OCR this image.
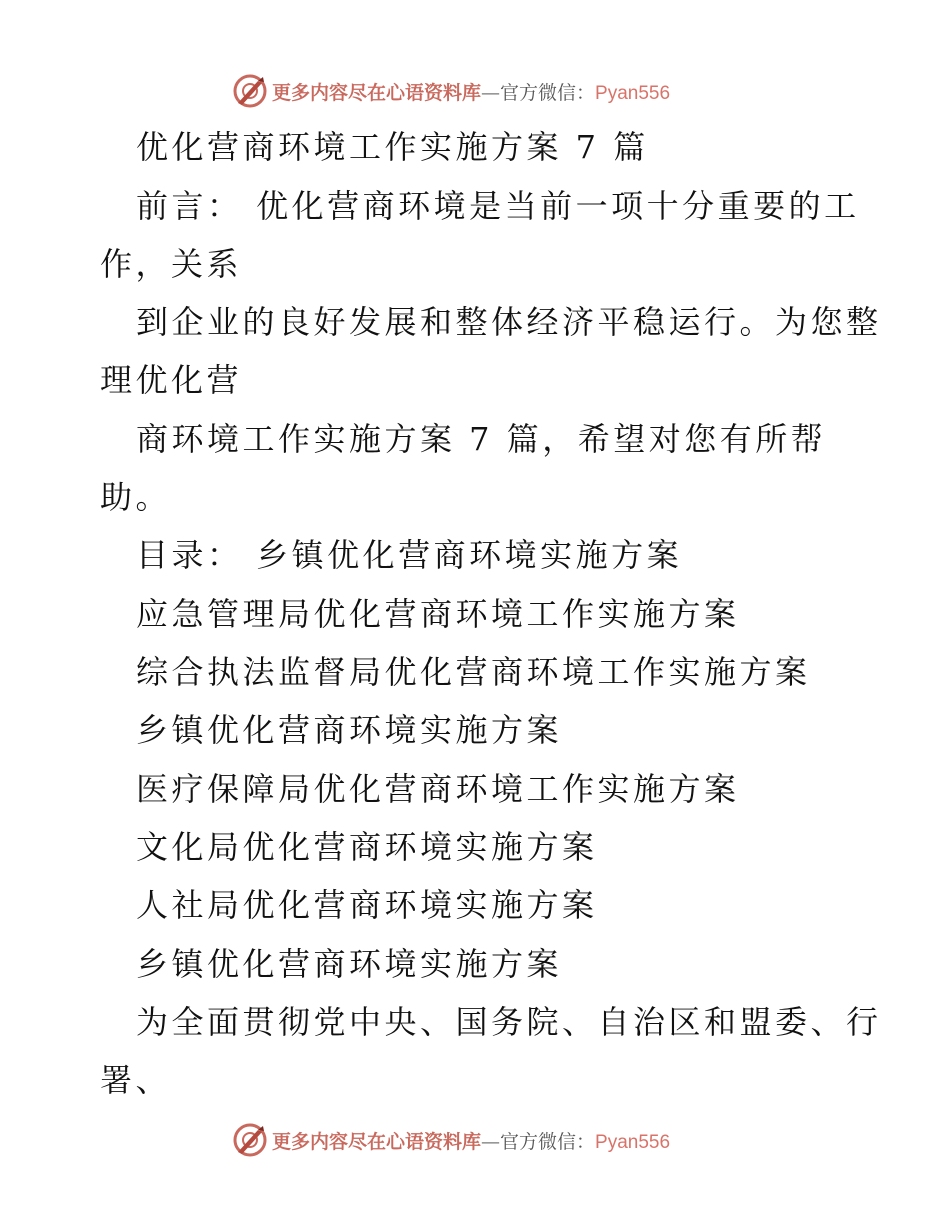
更多内容尽在心语资料库—官方微信：Pyan556
优化营商环境工作实施方案 7 篇
前言： 优化营商环境是当前一项十分重要的工
作，关系
到企业的良好发展和整体经济平稳运行。为您整
理优化营
商环境工作实施方案 7 篇，希望对您有所帮
助。
目录： 乡镇优化营商环境实施方案
应急管理局优化营商环境工作实施方案
综合执法监督局优化营商环境工作实施方案
乡镇优化营商环境实施方案
医疗保障局优化营商环境工作实施方案
文化局优化营商环境实施方案
人社局优化营商环境实施方案
乡镇优化营商环境实施方案
为全面贯彻党中央、国务院、自治区和盟委、行
署、
更多内容尽在心语资料库—官方微信：Pyan556
